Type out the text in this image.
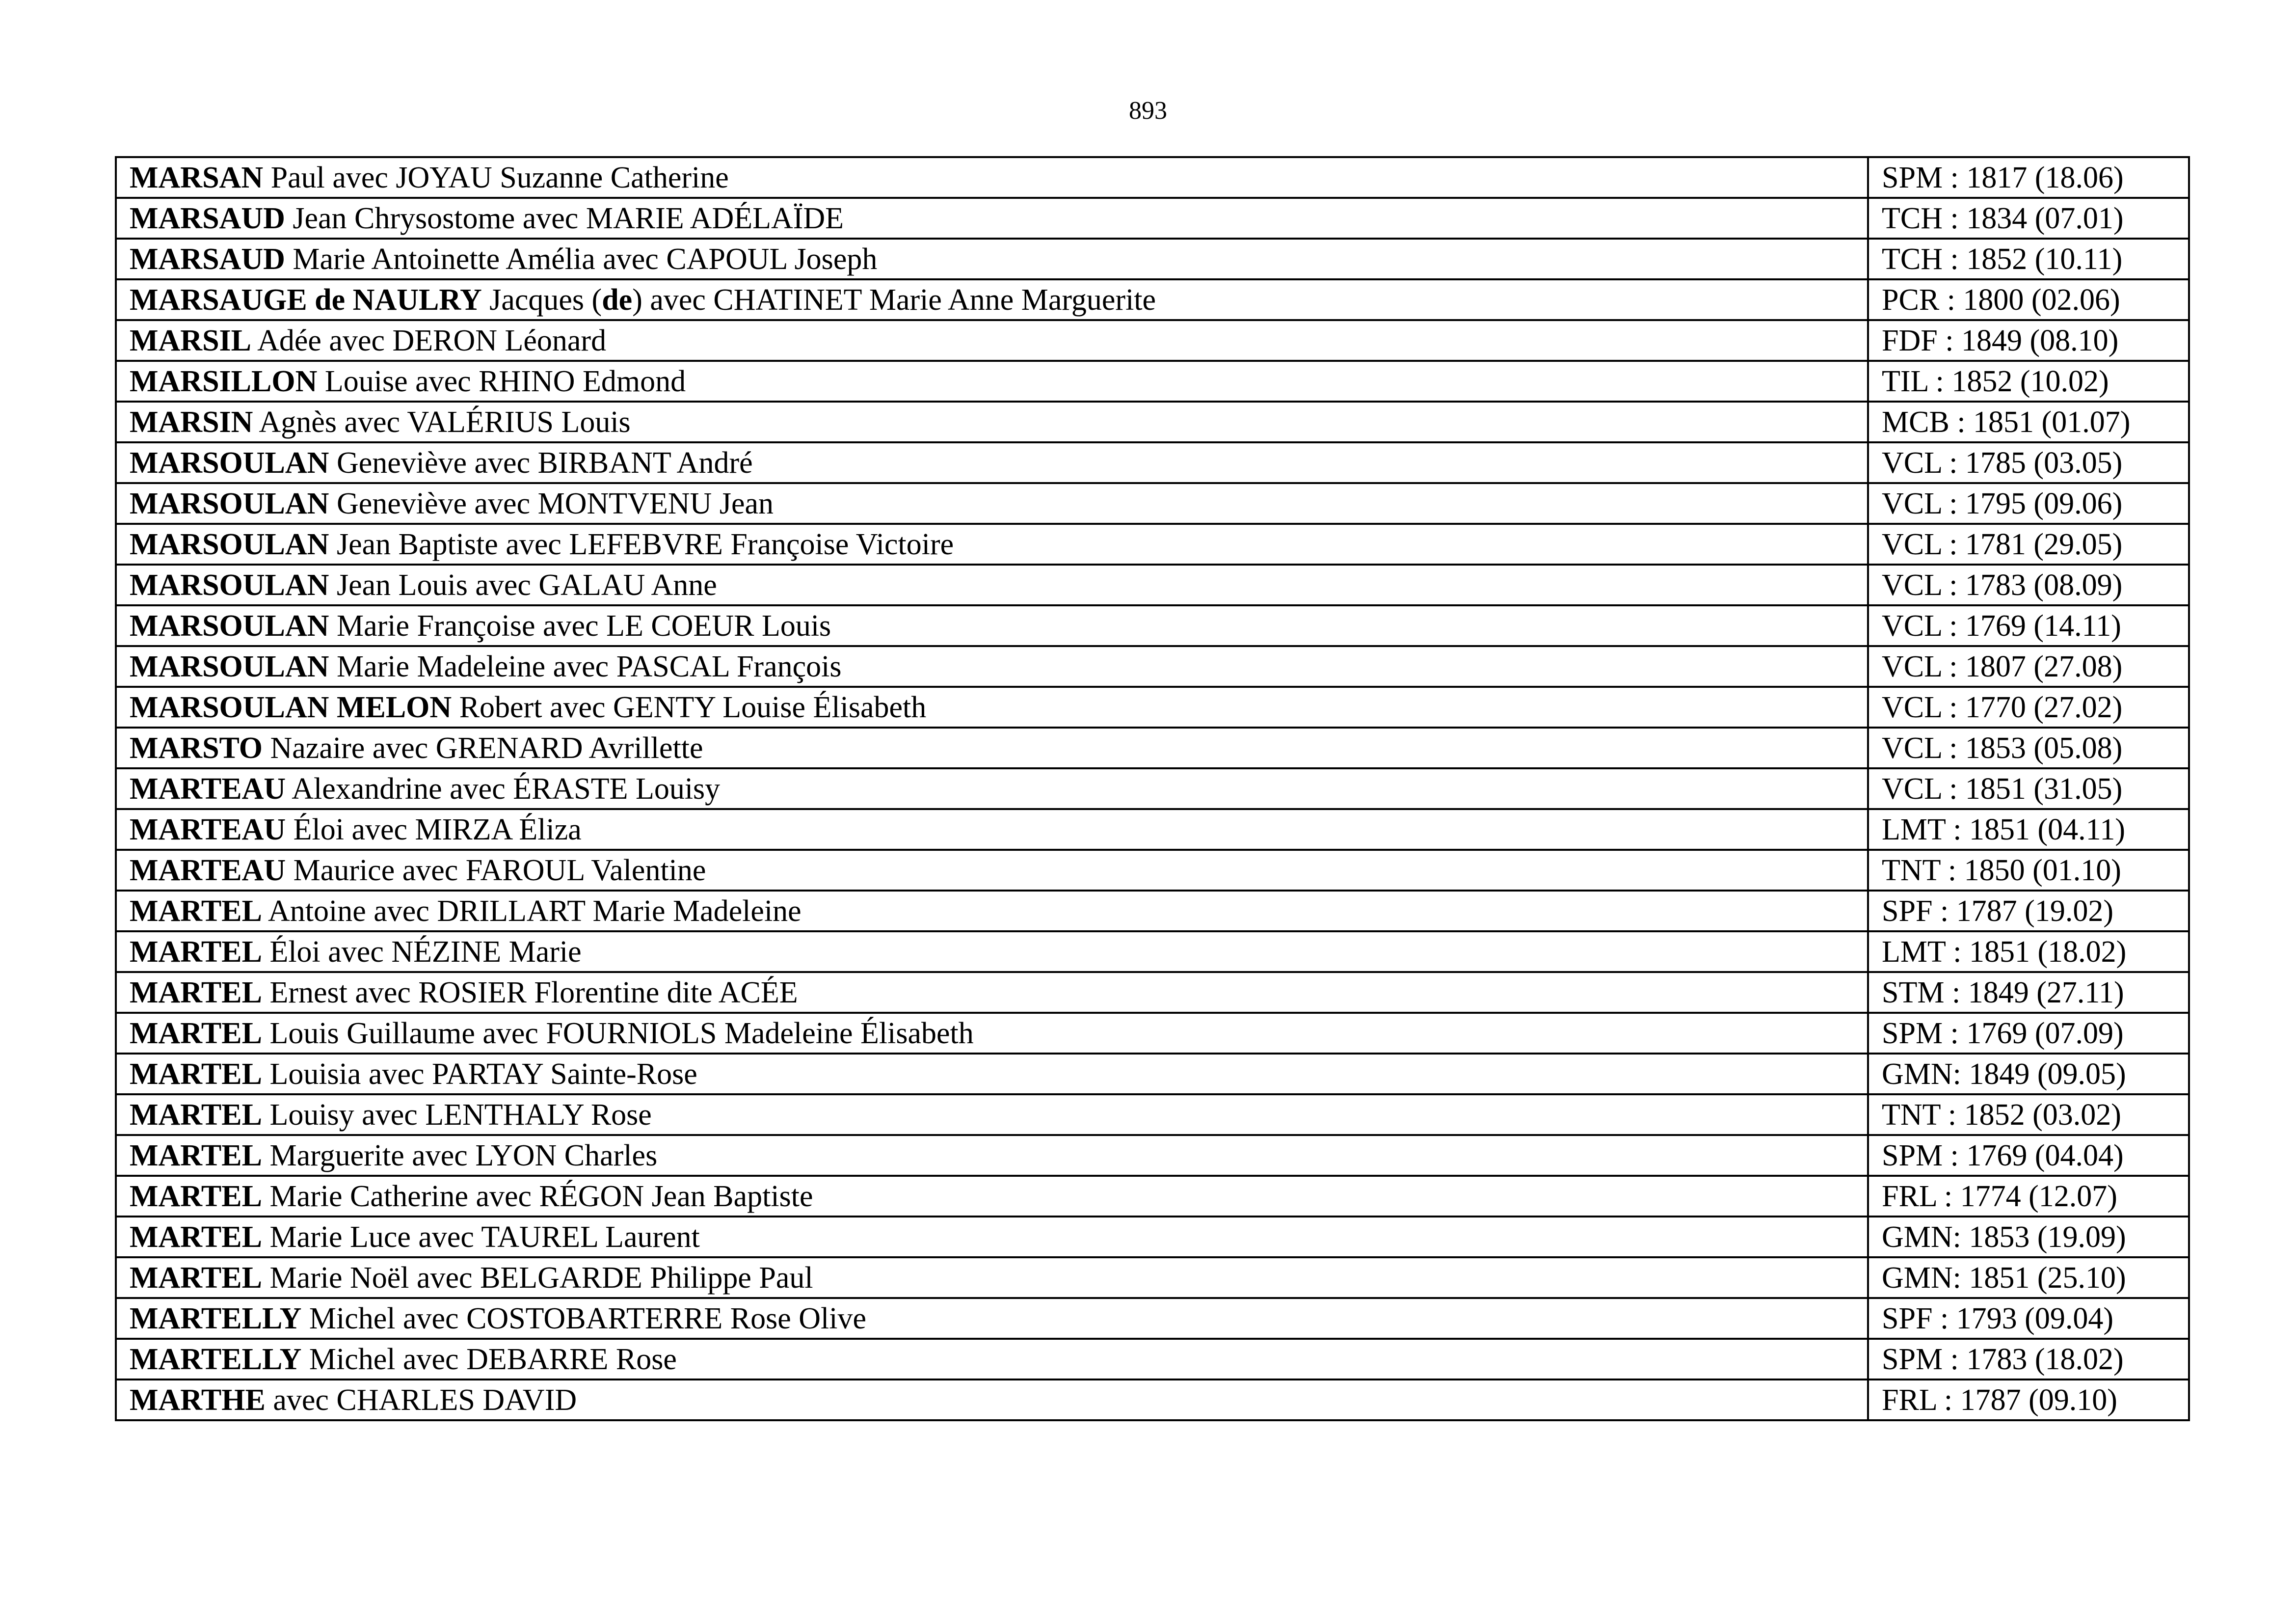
893
MARSAN Paul avec JOYAU Suzanne Catherine	SPM : 1817 (18.06)
MARSAUD Jean Chrysostome avec MARIE ADÉLAÏDE	TCH : 1834 (07.01)
MARSAUD Marie Antoinette Amélia avec CAPOUL Joseph	TCH : 1852 (10.11)
MARSAUGE de NAULRY Jacques (de) avec CHATINET Marie Anne Marguerite	PCR : 1800 (02.06)
MARSIL Adée avec DERON Léonard	FDF : 1849 (08.10)
MARSILLON Louise avec RHINO Edmond	TIL : 1852 (10.02)
MARSIN Agnès avec VALÉRIUS Louis	MCB : 1851 (01.07)
MARSOULAN Geneviève avec BIRBANT André	VCL : 1785 (03.05)
MARSOULAN Geneviève avec MONTVENU Jean	VCL : 1795 (09.06)
MARSOULAN Jean Baptiste avec LEFEBVRE Françoise Victoire	VCL : 1781 (29.05)
MARSOULAN Jean Louis avec GALAU Anne	VCL : 1783 (08.09)
MARSOULAN Marie Françoise avec LE COEUR Louis	VCL : 1769 (14.11)
MARSOULAN Marie Madeleine avec PASCAL François	VCL : 1807 (27.08)
MARSOULAN MELON Robert avec GENTY Louise Élisabeth	VCL : 1770 (27.02)
MARSTO Nazaire avec GRENARD Avrillette	VCL : 1853 (05.08)
MARTEAU Alexandrine avec ÉRASTE Louisy	VCL : 1851 (31.05)
MARTEAU Éloi avec MIRZA Éliza	LMT : 1851 (04.11)
MARTEAU Maurice avec FAROUL Valentine	TNT : 1850 (01.10)
MARTEL Antoine avec DRILLART Marie Madeleine	SPF : 1787 (19.02)
MARTEL Éloi avec NÉZINE Marie	LMT : 1851 (18.02)
MARTEL Ernest avec ROSIER Florentine dite ACÉE	STM : 1849 (27.11)
MARTEL Louis Guillaume avec FOURNIOLS Madeleine Élisabeth	SPM : 1769 (07.09)
MARTEL Louisia avec PARTAY Sainte-Rose	GMN: 1849 (09.05)
MARTEL Louisy avec LENTHALY Rose	TNT : 1852 (03.02)
MARTEL Marguerite avec LYON Charles	SPM : 1769 (04.04)
MARTEL Marie Catherine avec RÉGON Jean Baptiste	FRL : 1774 (12.07)
MARTEL Marie Luce avec TAUREL Laurent	GMN: 1853 (19.09)
MARTEL Marie Noël avec BELGARDE Philippe Paul	GMN: 1851 (25.10)
MARTELLY Michel avec COSTOBARTERRE Rose Olive	SPF : 1793 (09.04)
MARTELLY Michel avec DEBARRE Rose	SPM : 1783 (18.02)
MARTHE avec CHARLES DAVID	FRL : 1787 (09.10)
